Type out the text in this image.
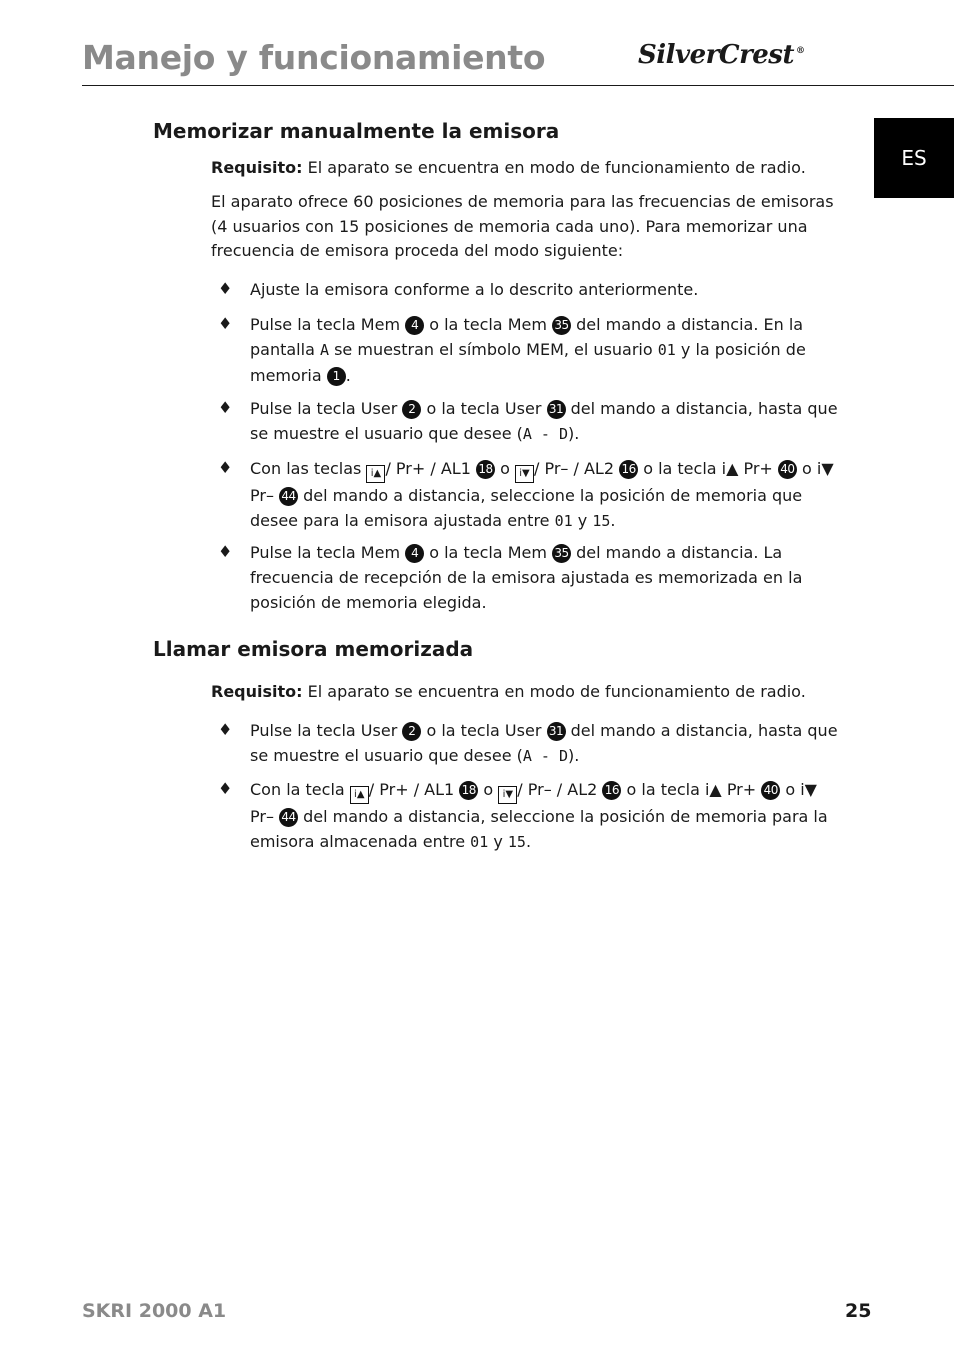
Manejo y funcionamiento	SilverCrest ®
ES
Memorizar manualmente la emisora

Requisito: El aparato se encuentra en modo de funcionamiento de radio.

El aparato ofrece 60 posiciones de memoria para las frecuencias de emisoras (4 usuarios con 15 posiciones de memoria cada uno). Para memorizar una frecuencia de emisora proceda del modo siguiente:

♦ Ajuste la emisora conforme a lo descrito anteriormente.

♦ Pulse la tecla Mem 4 o la tecla Mem 35 del mando a distancia. En la pantalla A se muestran el símbolo MEM, el usuario 01 y la posición de memoria 1 .

♦ Pulse la tecla User 2 o la tecla User 31 del mando a distancia, hasta que se muestre el usuario que desee (A - D).

♦ Con las teclas i▲ / Pr+ / AL1 18 o i▼ / Pr– / AL2 16 o la tecla i▲ Pr+ 40 o i▼ Pr– 44 del mando a distancia, seleccione la posición de memoria que desee para la emisora ajustada entre 01 y 15.

♦ Pulse la tecla Mem 4 o la tecla Mem 35 del mando a distancia. La frecuencia de recepción de la emisora ajustada es memorizada en la posición de memoria elegida.

Llamar emisora memorizada

Requisito: El aparato se encuentra en modo de funcionamiento de radio.

♦ Pulse la tecla User 2 o la tecla User 31 del mando a distancia, hasta que se muestre el usuario que desee (A - D).

♦ Con la tecla i▲ / Pr+ / AL1 18 o i▼ / Pr– / AL2 16 o la tecla i▲ Pr+ 40 o i▼ Pr– 44 del mando a distancia, seleccione la posición de memoria para la emisora almacenada entre 01 y 15.

SKRI 2000 A1	25
